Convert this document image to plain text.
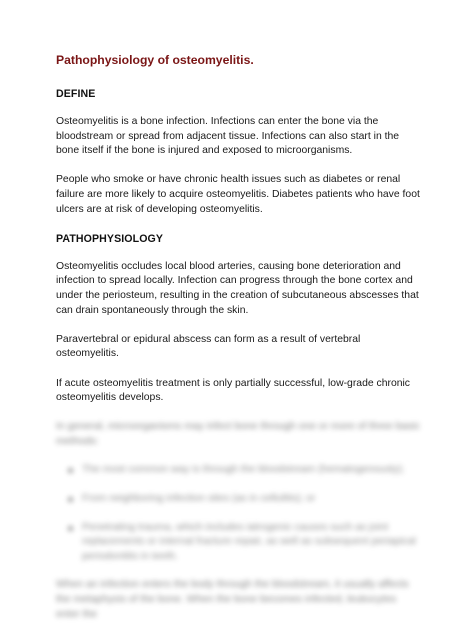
Pathophysiology of osteomyelitis.
DEFINE

Osteomyelitis is a bone infection. Infections can enter the bone via the bloodstream or spread from adjacent tissue. Infections can also start in the bone itself if the bone is injured and exposed to microorganisms.

People who smoke or have chronic health issues such as diabetes or renal failure are more likely to acquire osteomyelitis. Diabetes patients who have foot ulcers are at risk of developing osteomyelitis.

PATHOPHYSIOLOGY

Osteomyelitis occludes local blood arteries, causing bone deterioration and infection to spread locally. Infection can progress through the bone cortex and under the periosteum, resulting in the creation of subcutaneous abscesses that can drain spontaneously through the skin.

Paravertebral or epidural abscess can form as a result of vertebral osteomyelitis.

If acute osteomyelitis treatment is only partially successful, low-grade chronic osteomyelitis develops.

In general, microorganisms may infect bone through one or more of three basic methods:

The most common way is through the bloodstream (hematogenously);
From neighboring infection sites (as in cellulitis); or
Penetrating trauma, which includes iatrogenic causes such as joint replacements or internal fracture repair, as well as subsequent periapical periodontitis in teeth.

When an infection enters the body through the bloodstream, it usually affects the metaphysis of the bone. When the bone becomes infected, leukocytes enter the
